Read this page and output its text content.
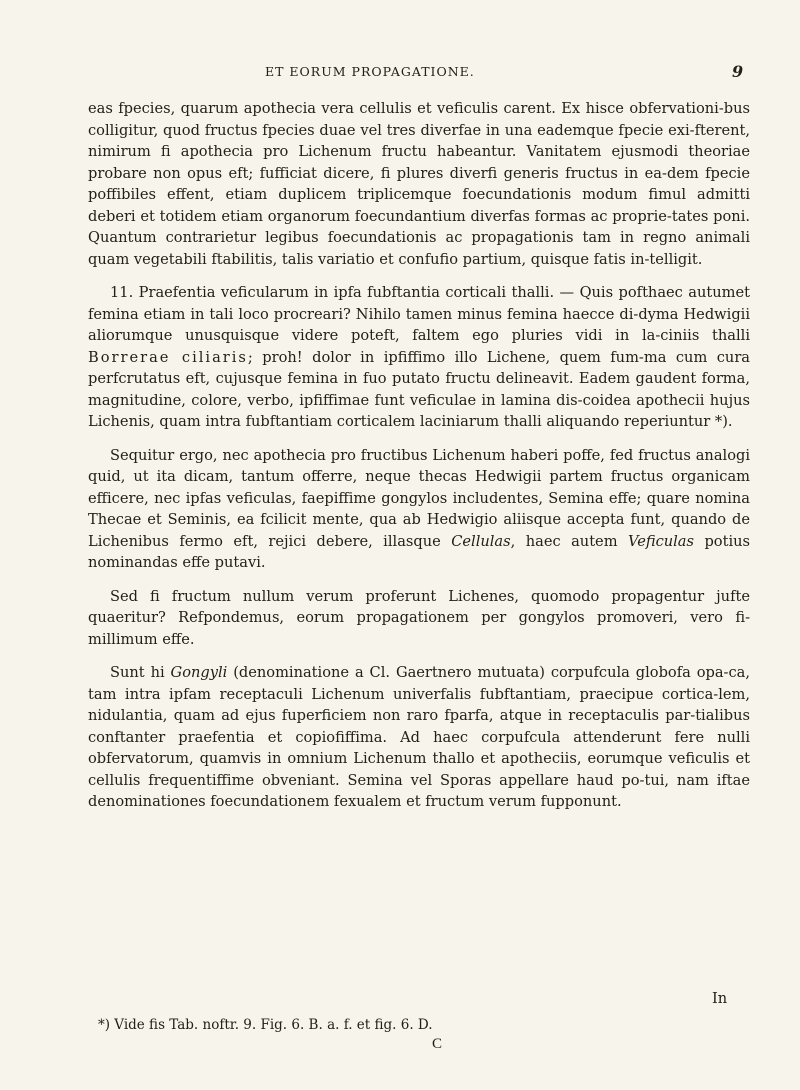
ET EORUM PROPAGATIONE.	9

eas fpecies, quarum apothecia vera cellulis et veficulis carent. Ex hisce obfervationi-bus colligitur, quod fructus fpecies duae vel tres diverfae in una eademque fpecie exi-fterent, nimirum fi apothecia pro Lichenum fructu habeantur. Vanitatem ejusmodi theoriae probare non opus eft; fufficiat dicere, fi plures diverfi generis fructus in ea-dem fpecie poffibiles effent, etiam duplicem triplicemque foecundationis modum fimul admitti deberi et totidem etiam organorum foecundantium diverfas formas ac proprie-tates poni. Quantum contrarietur legibus foecundationis ac propagationis tam in regno animali quam vegetabili ftabilitis, talis variatio et confufio partium, quisque fatis in-telligit.

11. Praefentia veficularum in ipfa fubftantia corticali thalli. — Quis pofthaec autumet femina etiam in tali loco procreari? Nihilo tamen minus femina haecce di-dyma Hedwigii aliorumque unusquisque videre poteft, faltem ego pluries vidi in la-ciniis thalli Borrerae ciliaris; proh! dolor in ipfiffimo illo Lichene, quem fum-ma cum cura perfcrutatus eft, cujusque femina in fuo putato fructu delineavit. Eadem gaudent forma, magnitudine, colore, verbo, ipfiffimae funt veficulae in lamina dis-coidea apothecii hujus Lichenis, quam intra fubftantiam corticalem laciniarum thalli aliquando reperiuntur *).

Sequitur ergo, nec apothecia pro fructibus Lichenum haberi poffe, fed fructus analogi quid, ut ita dicam, tantum offerre, neque thecas Hedwigii partem fructus organicam efficere, nec ipfas veficulas, faepiffime gongylos includentes, Semina effe; quare nomina Thecae et Seminis, ea fcilicit mente, qua ab Hedwigio aliisque accepta funt, quando de Lichenibus fermo eft, rejici debere, illasque Cellulas, haec autem Veficulas potius nominandas effe putavi.

Sed fi fructum nullum verum proferunt Lichenes, quomodo propagentur jufte quaeritur? Refpondemus, eorum propagationem per gongylos promoveri, vero fi-millimum effe.

Sunt hi Gongyli (denominatione a Cl. Gaertnero mutuata) corpufcula globofa opa-ca, tam intra ipfam receptaculi Lichenum univerfalis fubftantiam, praecipue cortica-lem, nidulantia, quam ad ejus fuperficiem non raro fparfa, atque in receptaculis par-tialibus conftanter praefentia et copiofiffima. Ad haec corpufcula attenderunt fere nulli obfervatorum, quamvis in omnium Lichenum thallo et apotheciis, eorumque veficulis et cellulis frequentiffime obveniant. Semina vel Sporas appellare haud po-tui, nam iftae denominationes foecundationem fexualem et fructum verum fupponunt.

In
*) Vide fis Tab. noftr. 9. Fig. 6. B. a. f. et fig. 6. D.
C
